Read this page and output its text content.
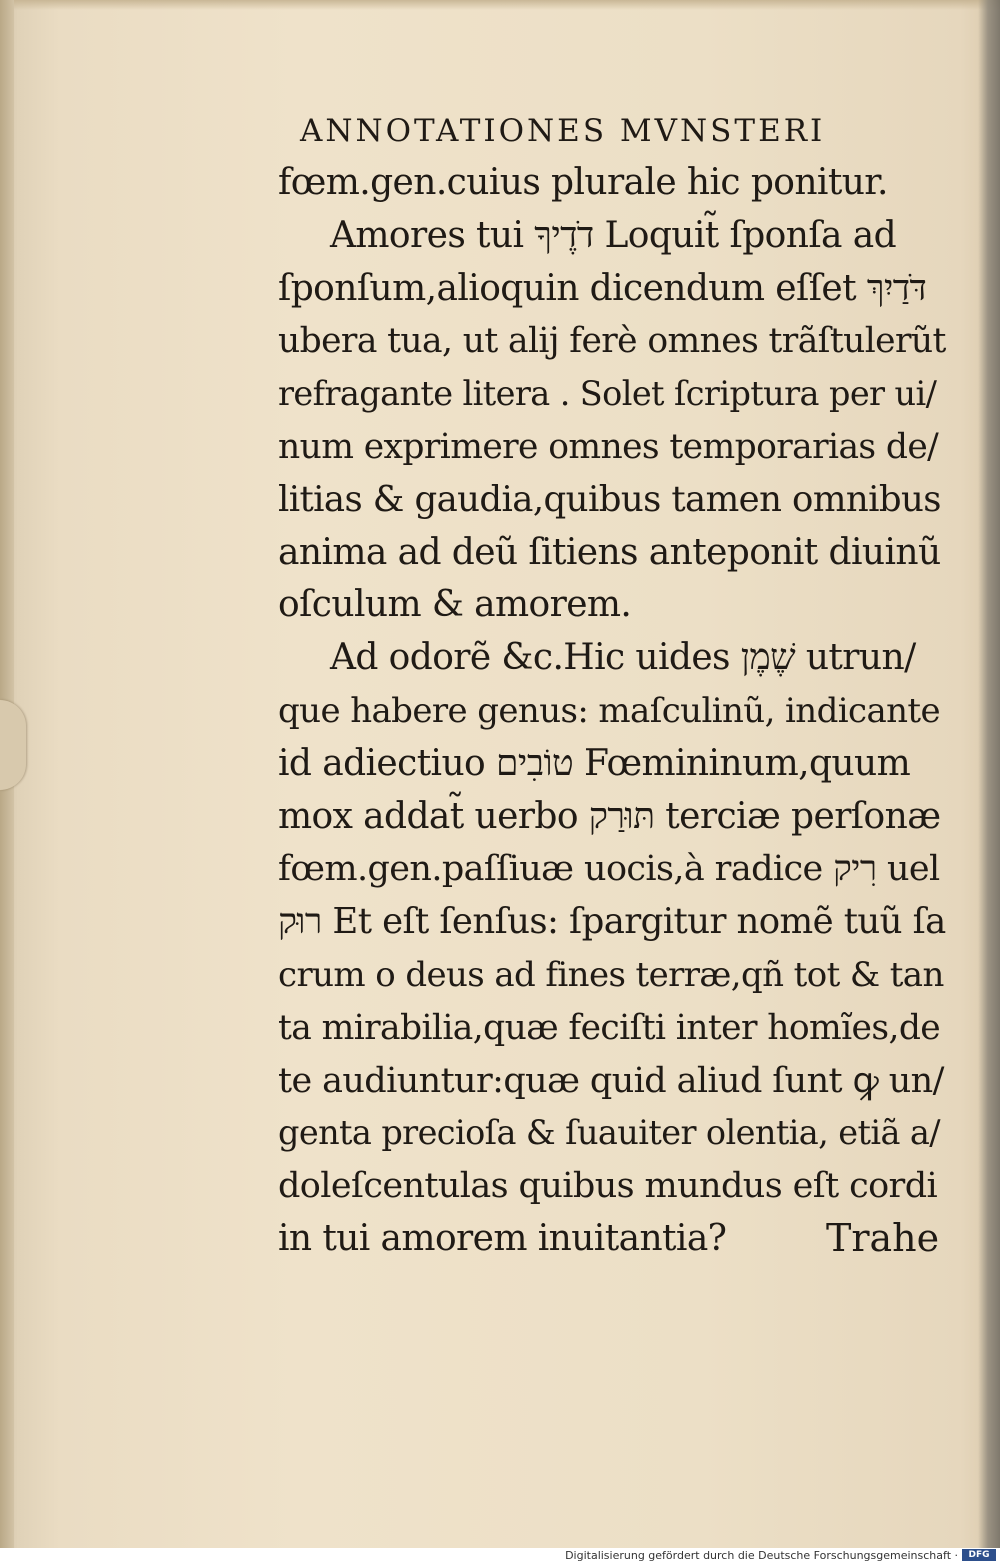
ANNOTATIONES MVNSTERI
fœm.gen.cuius plurale hic ponitur.
Amores tui דֹדֶיךָ Loquit̃ ſponſa ad
ſponſum,alioquin dicendum eſſet דֹּדַיִךְ
ubera tua, ut alij ferè omnes trãſtulerũt
refragante litera . Solet ſcriptura per ui/
num exprimere omnes temporarias de/
litias & gaudia,quibus tamen omnibus
anima ad deũ ſitiens anteponit diuinũ
oſculum & amorem.
Ad odorẽ &c.Hic uides שֶׁמֶן utrun/
que habere genus: maſculinũ, indicante
id adiectiuo טוֹבִים Fœmininum,quum
mox addat̃ uerbo תּוּרַק terciæ perſonæ
fœm.gen.paſſiuæ uocis,à radice רִיק uel
רוּק Et eſt ſenſus: ſpargitur nomẽ tuũ ſa
crum o deus ad fines terræ,qñ tot & tan
ta mirabilia,quæ feciſti inter homĩes,de
te audiuntur:quæ quid aliud ſunt ꝙ un/
genta precioſa & ſuauiter olentia, etiã a/
doleſcentulas quibus mundus eſt cordi
in tui amorem inuitantia?	Trahe
Digitalisierung gefördert durch die Deutsche Forschungsgemeinschaft ·	DFG
